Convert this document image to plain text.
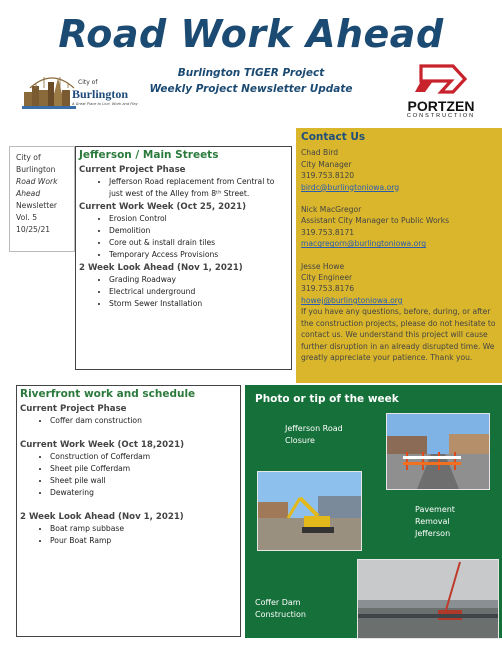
Road Work Ahead
Burlington TIGER Project
Weekly Project Newsletter Update
City of
Burlington
A Great Place to Live, Work and Play	PORTZEN
CONSTRUCTION
City of
Burlington
Road Work
Ahead
Newsletter
Vol. 5
10/25/21
Jefferson / Main Streets
Current Project Phase
• Jefferson Road replacement from Central to just west of the Alley from 8ᵗʰ Street.
Current Work Week (Oct 25, 2021)
• Erosion Control
• Demolition
• Core out & install drain tiles
• Temporary Access Provisions
2 Week Look Ahead (Nov 1, 2021)
• Grading Roadway
• Electrical underground
• Storm Sewer Installation
Contact Us
Chad Bird
City Manager
319.753.8120
birdc@burlingtoniowa.org
Nick MacGregor
Assistant City Manager to Public Works
319.753.8171
macgregorn@burlingtoniowa.org
Jesse Howe
City Engineer
319.753.8176
howej@burlingtoniowa.org
If you have any questions, before, during, or after the construction projects, please do not hesitate to contact us. We understand this project will cause further disruption in an already disrupted time. We greatly appreciate your patience. Thank you.
Riverfront work and schedule
Current Project Phase
• Coffer dam construction
Current Work Week (Oct 18,2021)
• Construction of Cofferdam
• Sheet pile Cofferdam
• Sheet pile wall
• Dewatering
2 Week Look Ahead (Nov 1, 2021)
• Boat ramp subbase
• Pour Boat Ramp
Photo or tip of the week
Jefferson Road
Closure
Pavement
Removal
Jefferson
Coffer Dam
Construction
